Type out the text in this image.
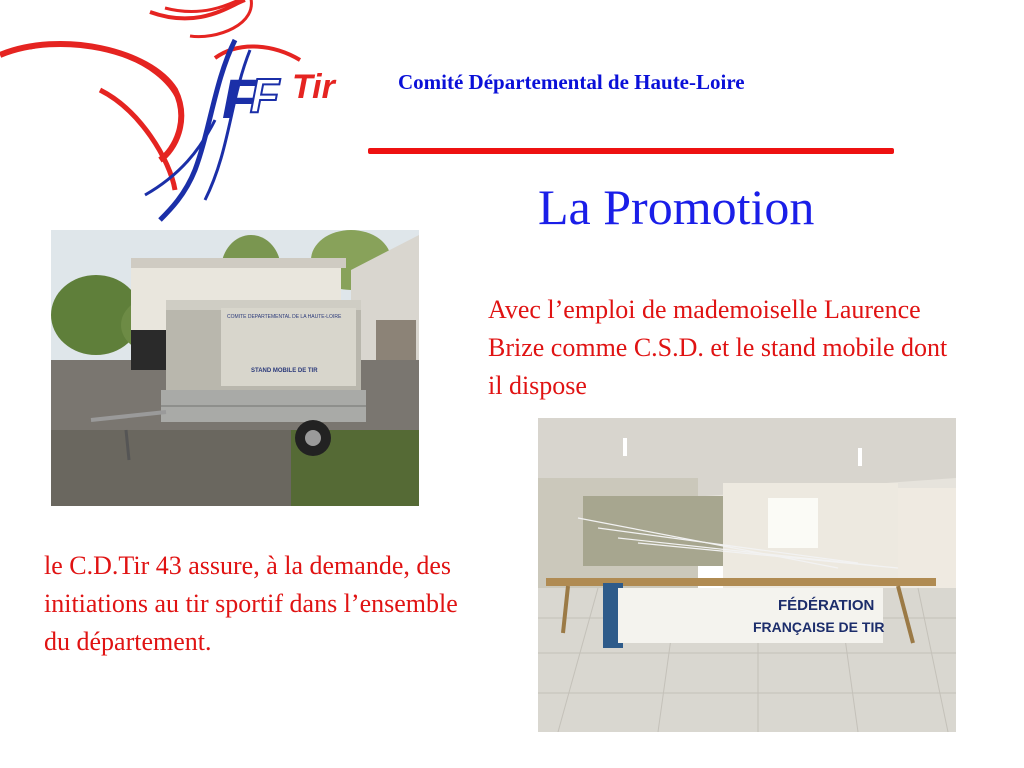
F
F Tir	Comité Départemental de Haute-Loire
La Promotion
COMITE DEPARTEMENTAL DE LA HAUTE-LOIRE
STAND MOBILE DE TIR
Avec l’emploi de mademoiselle Laurence Brize comme C.S.D. et le stand mobile dont il dispose
FÉDÉRATION
FRANÇAISE DE TIR
le C.D.Tir 43 assure, à la demande, des initiations au tir sportif dans l’ensemble du département.
